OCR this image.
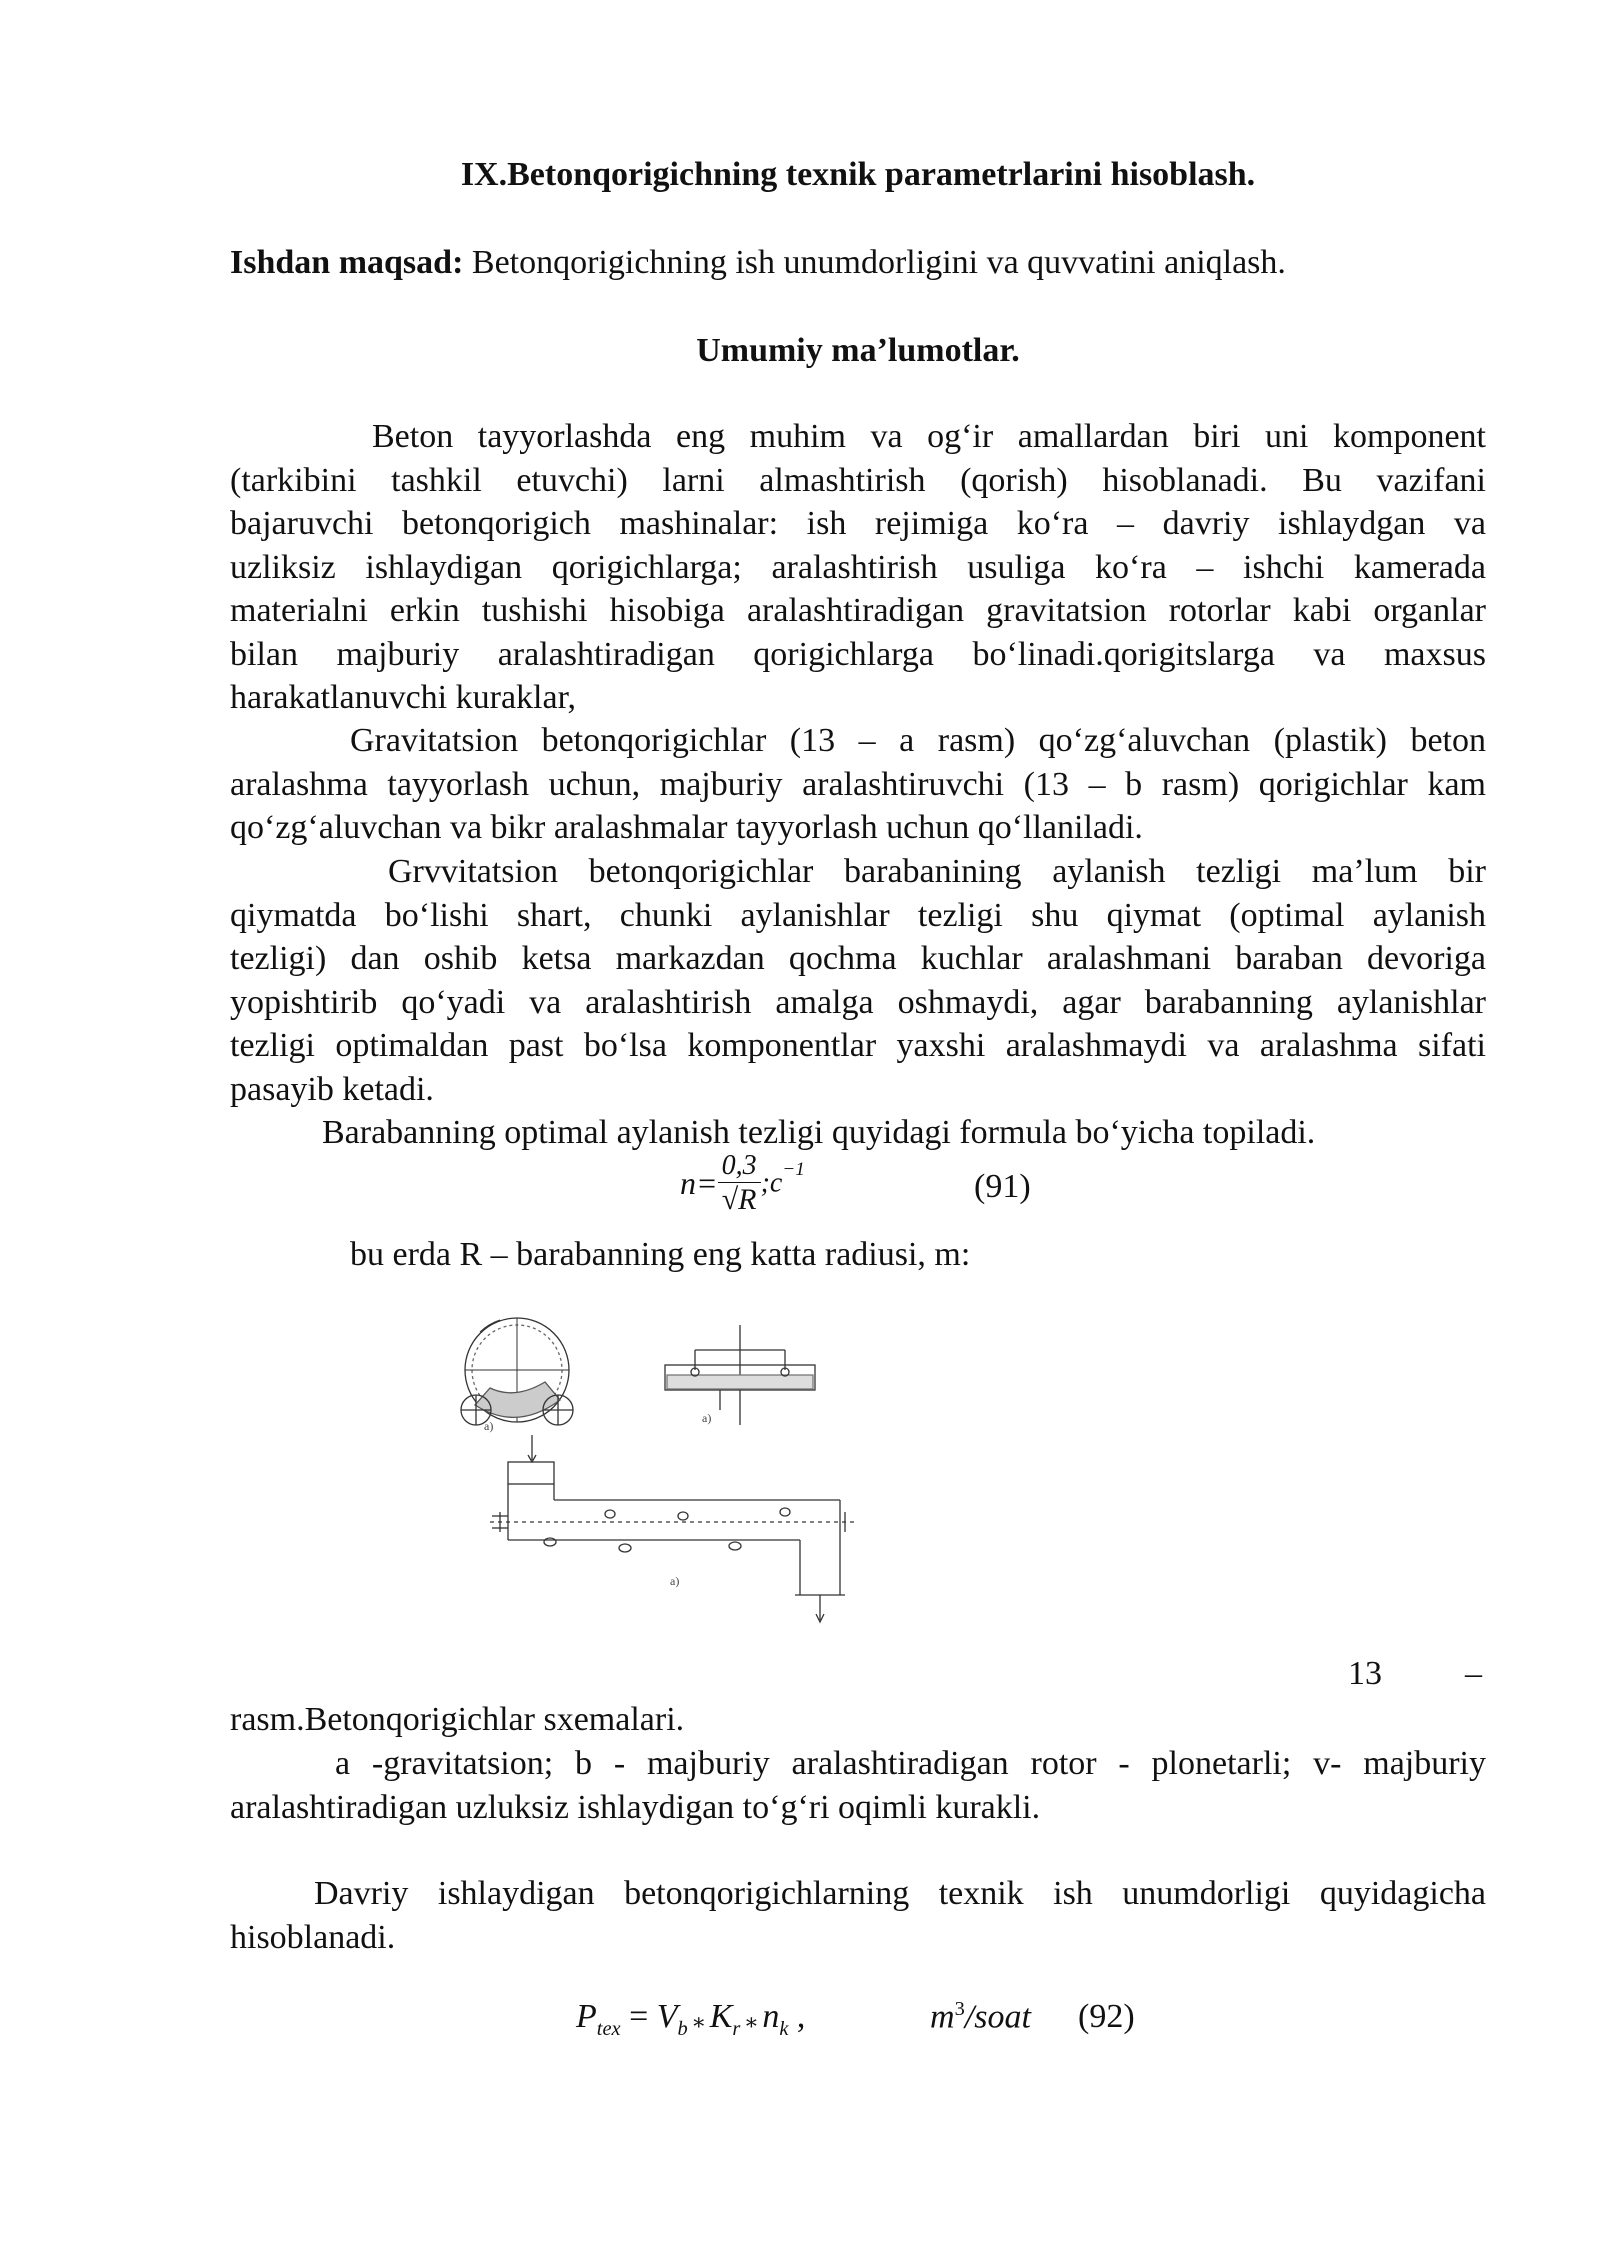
IX.Betonqorigichning texnik parametrlarini hisoblash.
Ishdan maqsad: Betonqorigichning ish unumdorligini va quvvatini aniqlash.
Umumiy ma’lumotlar.
Beton tayyorlashda eng muhim va og‘ir amallardan biri uni komponent
(tarkibini tashkil etuvchi) larni almashtirish (qorish) hisoblanadi. Bu vazifani
bajaruvchi betonqorigich mashinalar: ish rejimiga ko‘ra – davriy ishlaydgan va
uzliksiz ishlaydigan qorigichlarga; aralashtirish usuliga ko‘ra – ishchi kamerada
materialni erkin tushishi hisobiga aralashtiradigan gravitatsion rotorlar kabi organlar
bilan majburiy aralashtiradigan qorigichlarga bo‘linadi.qorigitslarga va maxsus
harakatlanuvchi kuraklar,
Gravitatsion betonqorigichlar (13 – a rasm) qo‘zg‘aluvchan (plastik) beton
aralashma tayyorlash uchun, majburiy aralashtiruvchi (13 – b rasm) qorigichlar kam
qo‘zg‘aluvchan va bikr aralashmalar tayyorlash uchun qo‘llaniladi.
Grvvitatsion betonqorigichlar barabanining aylanish tezligi ma’lum bir
qiymatda bo‘lishi shart, chunki aylanishlar tezligi shu qiymat (optimal aylanish
tezligi) dan oshib ketsa markazdan qochma kuchlar aralashmani baraban devoriga
yopishtirib qo‘yadi va aralashtirish amalga oshmaydi, agar barabanning aylanishlar
tezligi optimaldan past bo‘lsa komponentlar yaxshi aralashmaydi va aralashma sifati
pasayib ketadi.
Barabanning optimal aylanish tezligi quyidagi formula bo‘yicha topiladi.
$n= \frac{0,3}{√R}$ $;c^{-1}$	(91)
bu erda R – barabanning eng katta radiusi, m:
a)
a)
a)
13 –
rasm.Betonqorigichlar sxemalari.
a -gravitatsion; b - majburiy aralashtiradigan rotor - plonetarli; v- majburiy
aralashtiradigan uzluksiz ishlaydigan to‘g‘ri oqimli kurakli.
Davriy ishlaydigan betonqorigichlarning texnik ish unumdorligi quyidagicha
hisoblanadi.
$P_{tex} = V_b$ ⁎ $K_r$ ⁎ $n_k$ ,	$m^3$/soat (92)
